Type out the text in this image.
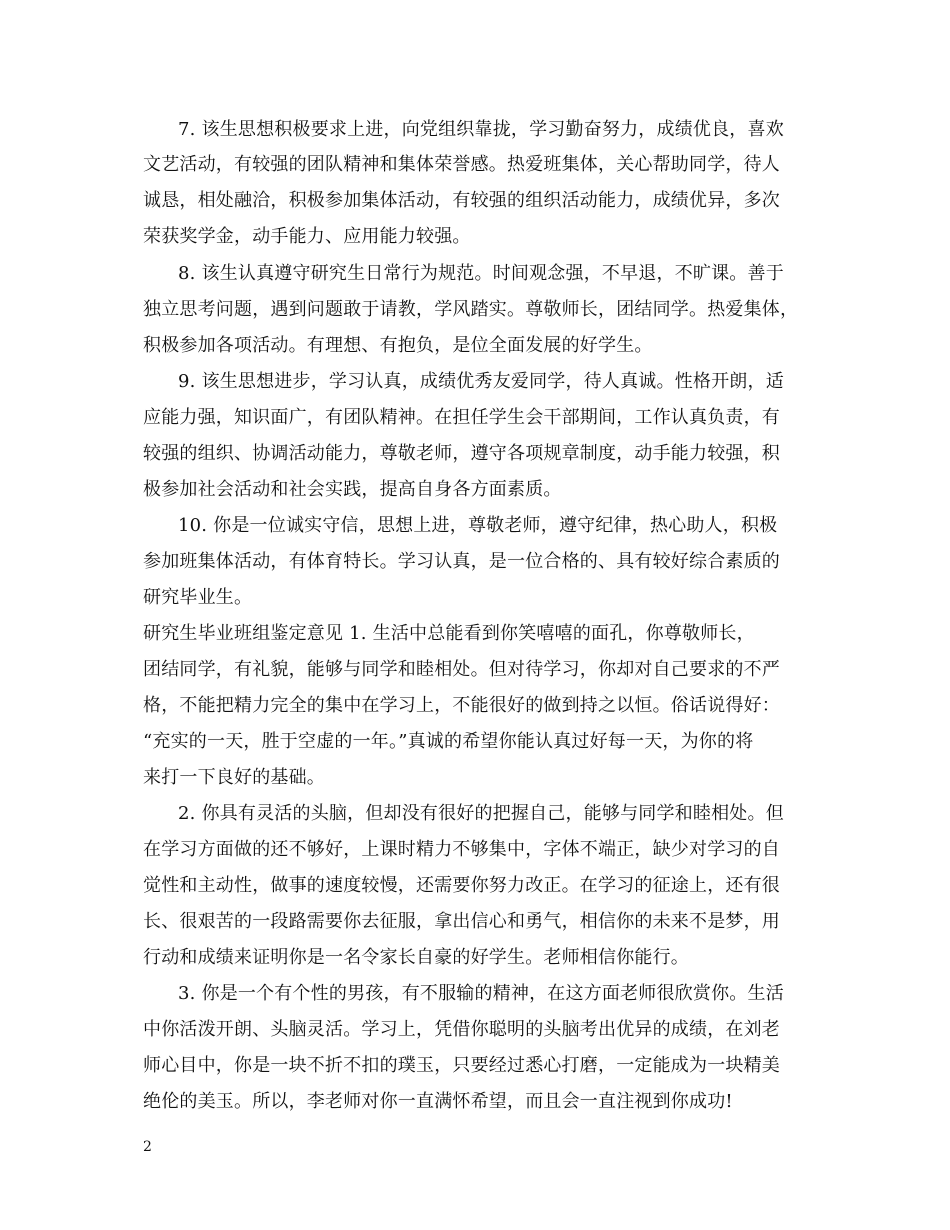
7. 该生思想积极要求上进，向党组织靠拢，学习勤奋努力，成绩优良，喜欢
文艺活动，有较强的团队精神和集体荣誉感。热爱班集体，关心帮助同学，待人
诚恳，相处融洽，积极参加集体活动，有较强的组织活动能力，成绩优异，多次
荣获奖学金，动手能力、应用能力较强。
8. 该生认真遵守研究生日常行为规范。时间观念强，不早退，不旷课。善于
独立思考问题，遇到问题敢于请教，学风踏实。尊敬师长，团结同学。热爱集体，
积极参加各项活动。有理想、有抱负，是位全面发展的好学生。
9. 该生思想进步，学习认真，成绩优秀友爱同学，待人真诚。性格开朗，适
应能力强，知识面广，有团队精神。在担任学生会干部期间，工作认真负责，有
较强的组织、协调活动能力，尊敬老师，遵守各项规章制度，动手能力较强，积
极参加社会活动和社会实践，提高自身各方面素质。
10. 你是一位诚实守信，思想上进，尊敬老师，遵守纪律，热心助人，积极
参加班集体活动，有体育特长。学习认真，是一位合格的、具有较好综合素质的
研究毕业生。
研究生毕业班组鉴定意见 1. 生活中总能看到你笑嘻嘻的面孔，你尊敬师长，
团结同学，有礼貌，能够与同学和睦相处。但对待学习，你却对自己要求的不严
格，不能把精力完全的集中在学习上，不能很好的做到持之以恒。俗话说得好：
“充实的一天，胜于空虚的一年。”真诚的希望你能认真过好每一天，为你的将
来打一下良好的基础。
2. 你具有灵活的头脑，但却没有很好的把握自己，能够与同学和睦相处。但
在学习方面做的还不够好，上课时精力不够集中，字体不端正，缺少对学习的自
觉性和主动性，做事的速度较慢，还需要你努力改正。在学习的征途上，还有很
长、很艰苦的一段路需要你去征服，拿出信心和勇气，相信你的未来不是梦，用
行动和成绩来证明你是一名令家长自豪的好学生。老师相信你能行。
3. 你是一个有个性的男孩，有不服输的精神，在这方面老师很欣赏你。生活
中你活泼开朗、头脑灵活。学习上，凭借你聪明的头脑考出优异的成绩，在刘老
师心目中，你是一块不折不扣的璞玉，只要经过悉心打磨，一定能成为一块精美
绝伦的美玉。所以，李老师对你一直满怀希望，而且会一直注视到你成功!
2
